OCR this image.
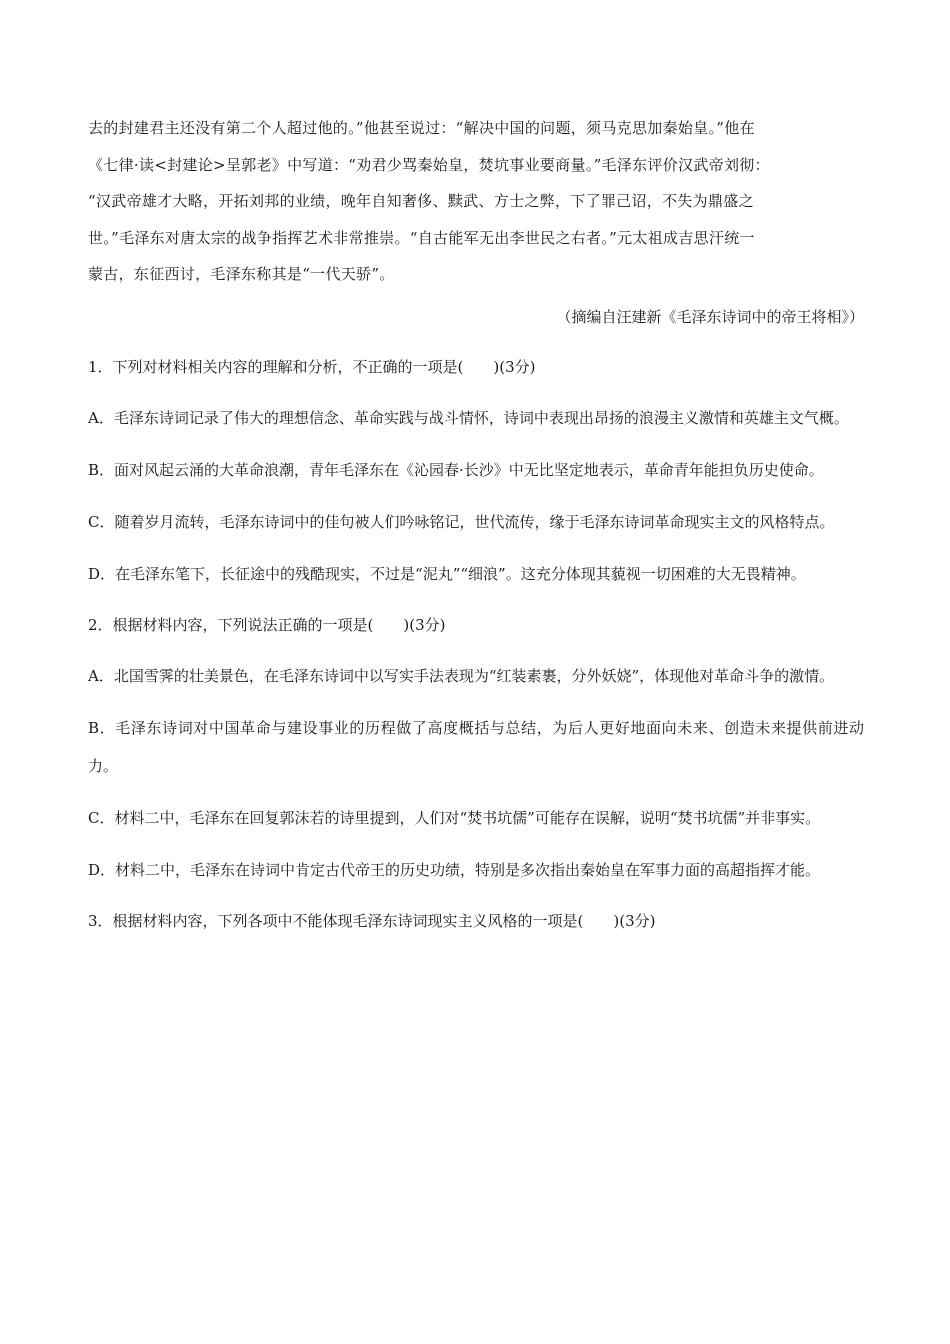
去的封建君主还没有第二个人超过他的。”他甚至说过：“解决中国的问题，须马克思加秦始皇。”他在

《七律·读<封建论>呈郭老》中写道：“劝君少骂秦始皇，焚坑事业要商量。”毛泽东评价汉武帝刘彻：

“汉武帝雄才大略，开拓刘邦的业绩，晚年自知奢侈、黩武、方士之弊，下了罪己诏，不失为鼎盛之

世。”毛泽东对唐太宗的战争指挥艺术非常推崇。“自古能军无出李世民之右者。”元太祖成吉思汗统一

蒙古，东征西讨，毛泽东称其是“一代天骄”。

（摘编自汪建新《毛泽东诗词中的帝王将相》）

1．下列对材料相关内容的理解和分析，不正确的一项是(　　)(3分)

A．毛泽东诗词记录了伟大的理想信念、革命实践与战斗情怀，诗词中表现出昂扬的浪漫主义激情和英雄主文气概。

B．面对风起云涌的大革命浪潮，青年毛泽东在《沁园春·长沙》中无比坚定地表示，革命青年能担负历史使命。

C．随着岁月流转，毛泽东诗词中的佳句被人们吟咏铭记，世代流传，缘于毛泽东诗词革命现实主文的风格特点。

D．在毛泽东笔下，长征途中的残酷现实，不过是“泥丸”“细浪”。这充分体现其藐视一切困难的大无畏精神。

2．根据材料内容，下列说法正确的一项是(　　)(3分)

A．北国雪霁的壮美景色，在毛泽东诗词中以写实手法表现为“红装素裹，分外妖娆”，体现他对革命斗争的激情。

B．毛泽东诗词对中国革命与建设事业的历程做了高度概括与总结，为后人更好地面向未来、创造未来提供前进动力。

C．材料二中，毛泽东在回复郭沫若的诗里提到，人们对“焚书坑儒”可能存在误解，说明“焚书坑儒”并非事实。

D．材料二中，毛泽东在诗词中肯定古代帝王的历史功绩，特别是多次指出秦始皇在军事力面的高超指挥才能。

3．根据材料内容，下列各项中不能体现毛泽东诗词现实主义风格的一项是(　　)(3分)
